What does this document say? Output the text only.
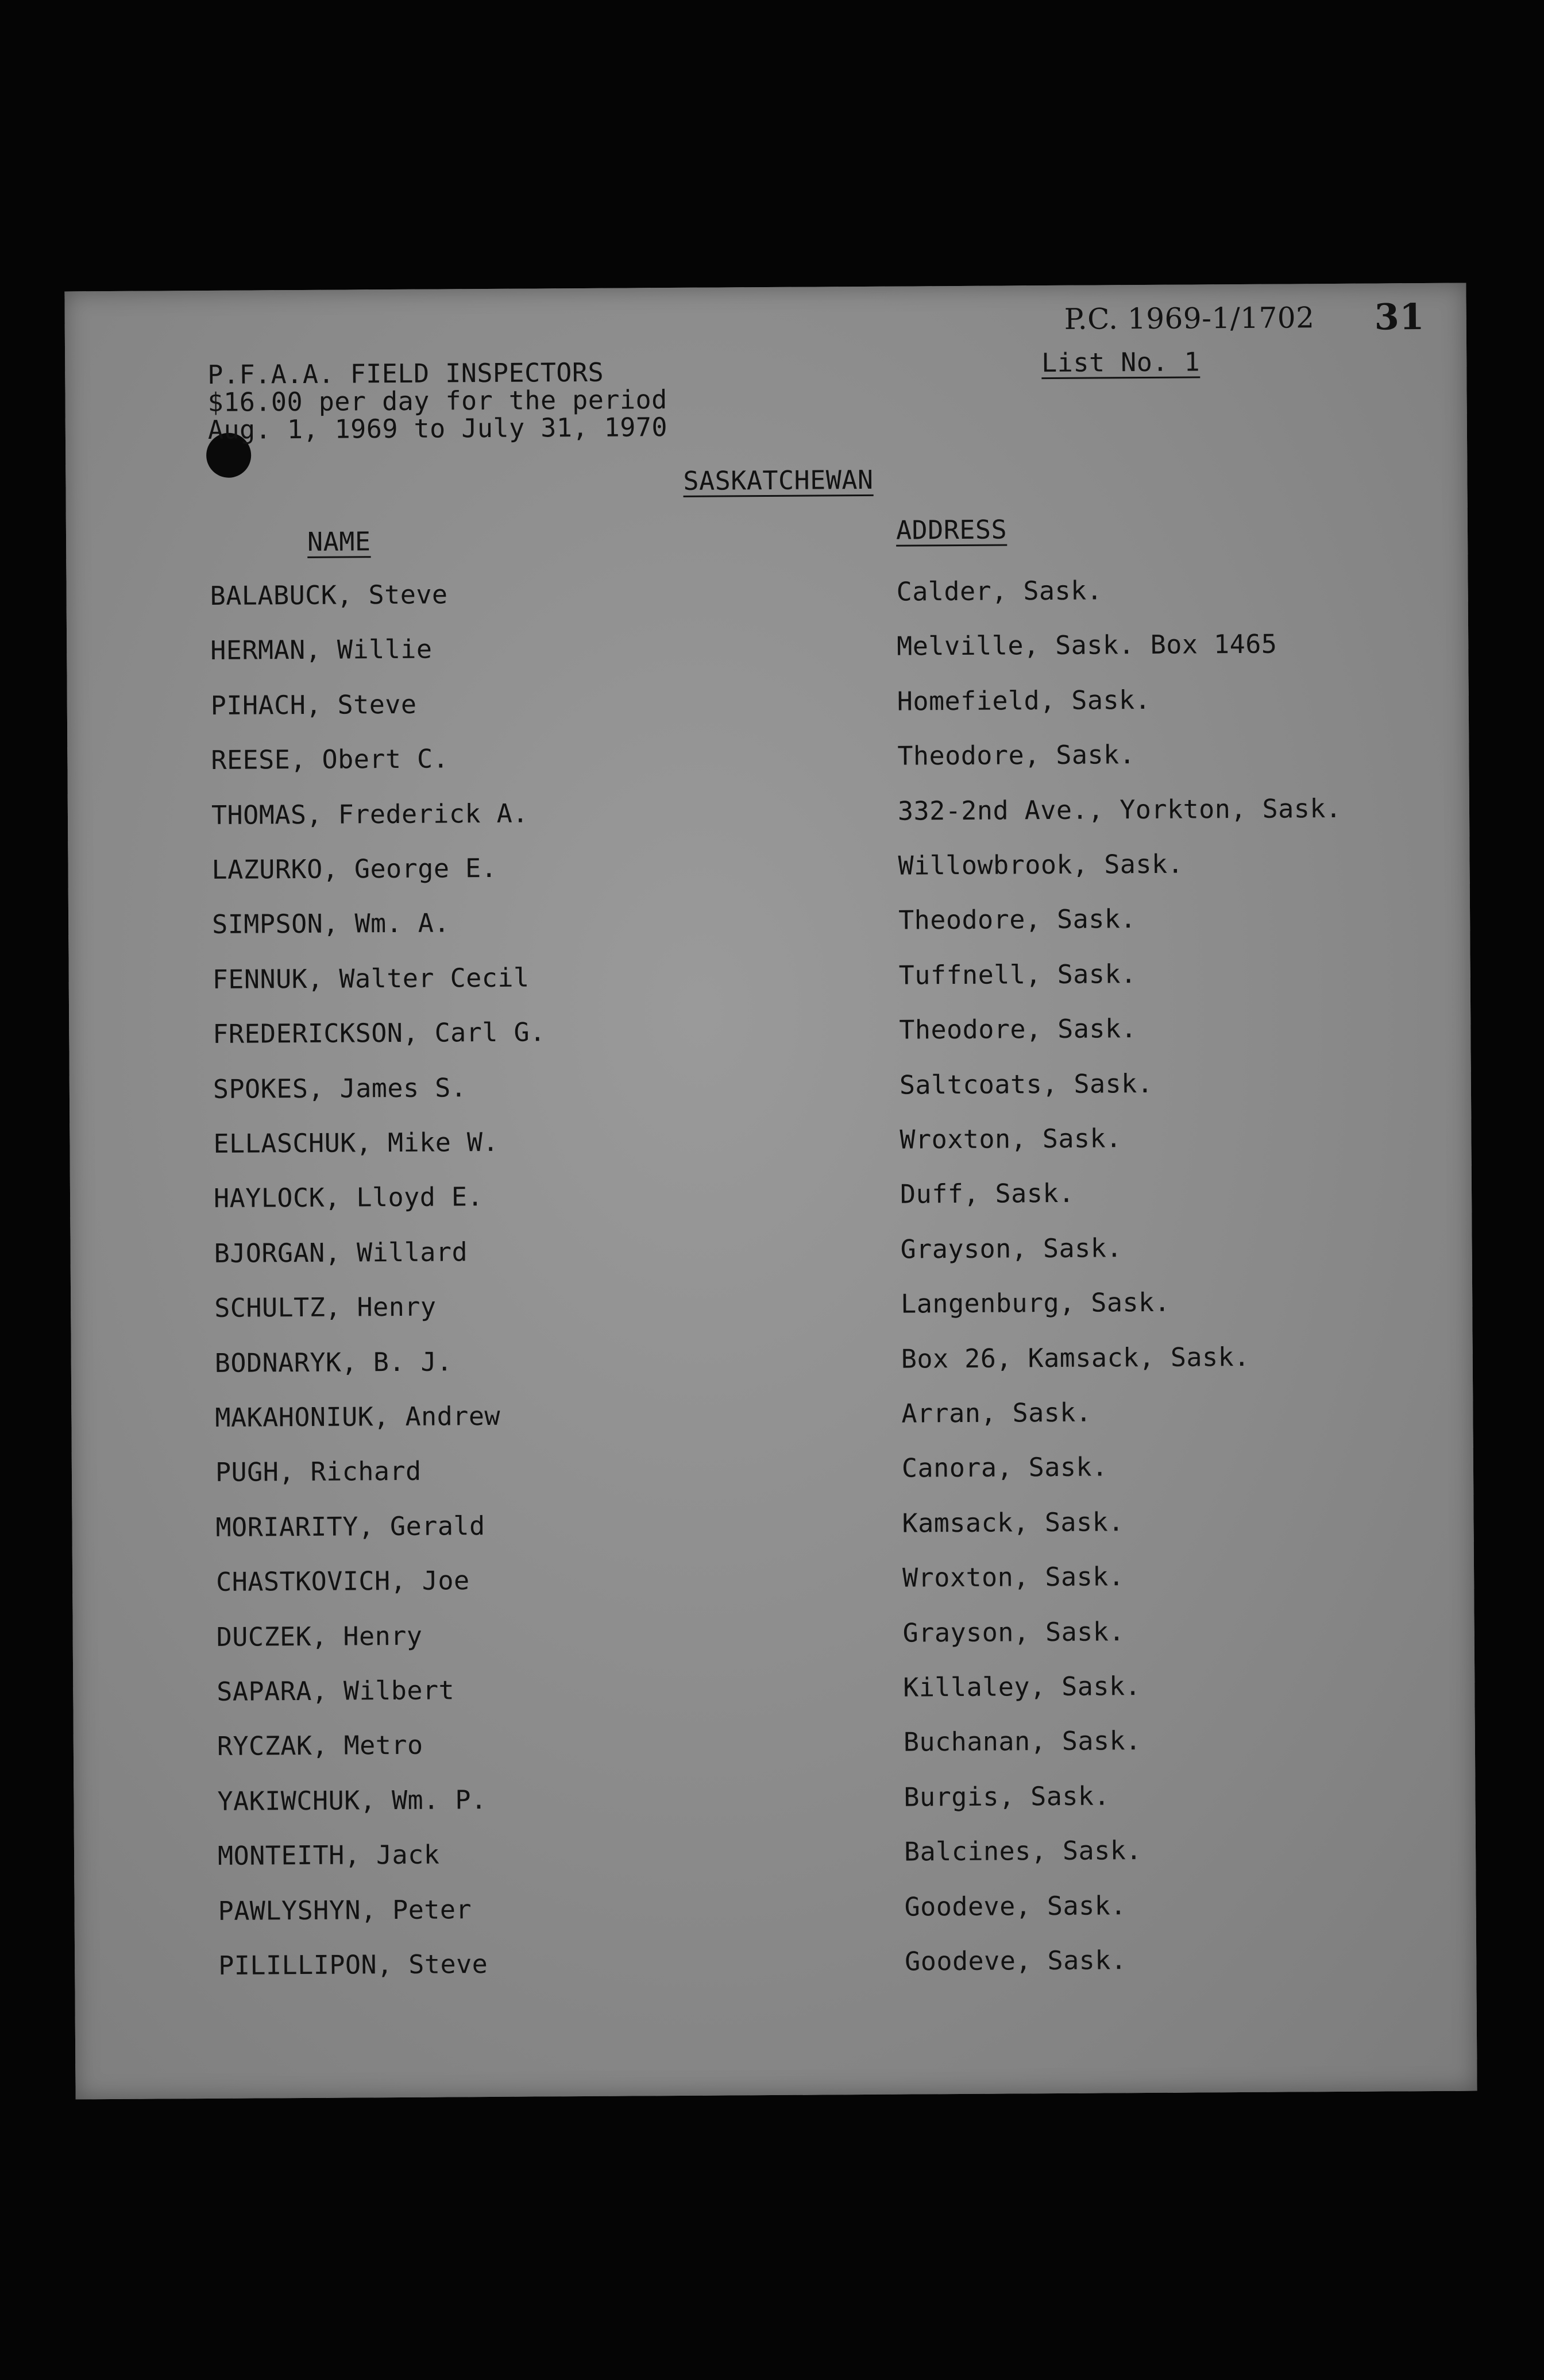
P.C. 1969-1/1702 31
List No. 1
P.F.A.A. FIELD INSPECTORS
$16.00 per day for the period
Aug. 1, 1969 to July 31, 1970
SASKATCHEWAN
NAME	ADDRESS
BALABUCK, Steve	Calder, Sask.
HERMAN, Willie	Melville, Sask. Box 1465
PIHACH, Steve	Homefield, Sask.
REESE, Obert C.	Theodore, Sask.
THOMAS, Frederick A.	332-2nd Ave., Yorkton, Sask.
LAZURKO, George E.	Willowbrook, Sask.
SIMPSON, Wm. A.	Theodore, Sask.
FENNUK, Walter Cecil	Tuffnell, Sask.
FREDERICKSON, Carl G.	Theodore, Sask.
SPOKES, James S.	Saltcoats, Sask.
ELLASCHUK, Mike W.	Wroxton, Sask.
HAYLOCK, Lloyd E.	Duff, Sask.
BJORGAN, Willard	Grayson, Sask.
SCHULTZ, Henry	Langenburg, Sask.
BODNARYK, B. J.	Box 26, Kamsack, Sask.
MAKAHONIUK, Andrew	Arran, Sask.
PUGH, Richard	Canora, Sask.
MORIARITY, Gerald	Kamsack, Sask.
CHASTKOVICH, Joe	Wroxton, Sask.
DUCZEK, Henry	Grayson, Sask.
SAPARA, Wilbert	Killaley, Sask.
RYCZAK, Metro	Buchanan, Sask.
YAKIWCHUK, Wm. P.	Burgis, Sask.
MONTEITH, Jack	Balcines, Sask.
PAWLYSHYN, Peter	Goodeve, Sask.
PILILLIPON, Steve	Goodeve, Sask.
